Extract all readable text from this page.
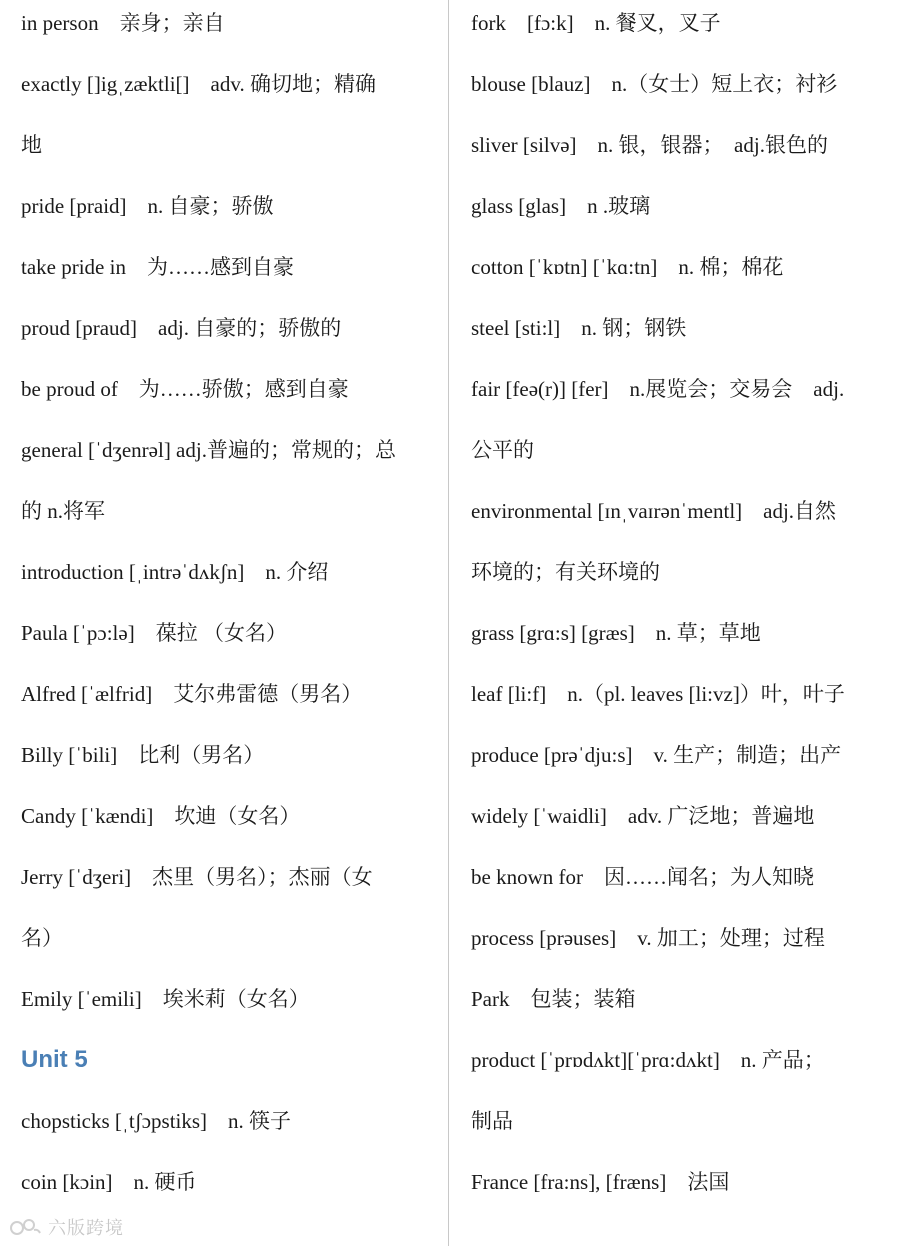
in person　亲身；亲自
exactly []igˌzæktli[]　adv. 确切地；精确
地
pride [praid]　n. 自豪；骄傲
take pride in　为……感到自豪
proud [praud]　adj. 自豪的；骄傲的
be proud of　为……骄傲；感到自豪
general [ˈdʒenrəl] adj.普遍的；常规的；总
的 n.将军
introduction [ˌintrəˈdʌkʃn]　n. 介绍
Paula [ˈpɔ:lə]　葆拉 （女名）
Alfred [ˈælfrid]　艾尔弗雷德（男名）
Billy [ˈbili]　比利（男名）
Candy [ˈkændi]　坎迪（女名）
Jerry [ˈdʒeri]　杰里（男名）；杰丽（女
名）
Emily [ˈemili]　埃米莉（女名）
Unit 5
chopsticks [ˌtʃɔpstiks]　n. 筷子
coin [kɔin]　n. 硬币
fork　[fɔ:k]　n. 餐叉，叉子
blouse [blauz]　n.（女士）短上衣；衬衫
sliver [silvə]　n. 银，银器；　adj.银色的
glass [glas]　n .玻璃
cotton [ˈkɒtn] [ˈkɑ:tn]　n. 棉；棉花
steel [sti:l]　n. 钢；钢铁
fair [feə(r)] [fer]　n.展览会；交易会　adj.
公平的
environmental [ɪnˌvaɪrənˈmentl]　adj.自然
环境的；有关环境的
grass [grɑ:s] [græs]　n. 草；草地
leaf [li:f]　n.（pl. leaves [li:vz]）叶，叶子
produce [prəˈdju:s]　v. 生产；制造；出产
widely [ˈwaidli]　adv. 广泛地；普遍地
be known for　因……闻名；为人知晓
process [prəuses]　v. 加工；处理；过程
Park　包装；装箱
product [ˈprɒdʌkt][ˈprɑ:dʌkt]　n. 产品；
制品
France [fra:ns], [fræns]　法国
六版跨境
